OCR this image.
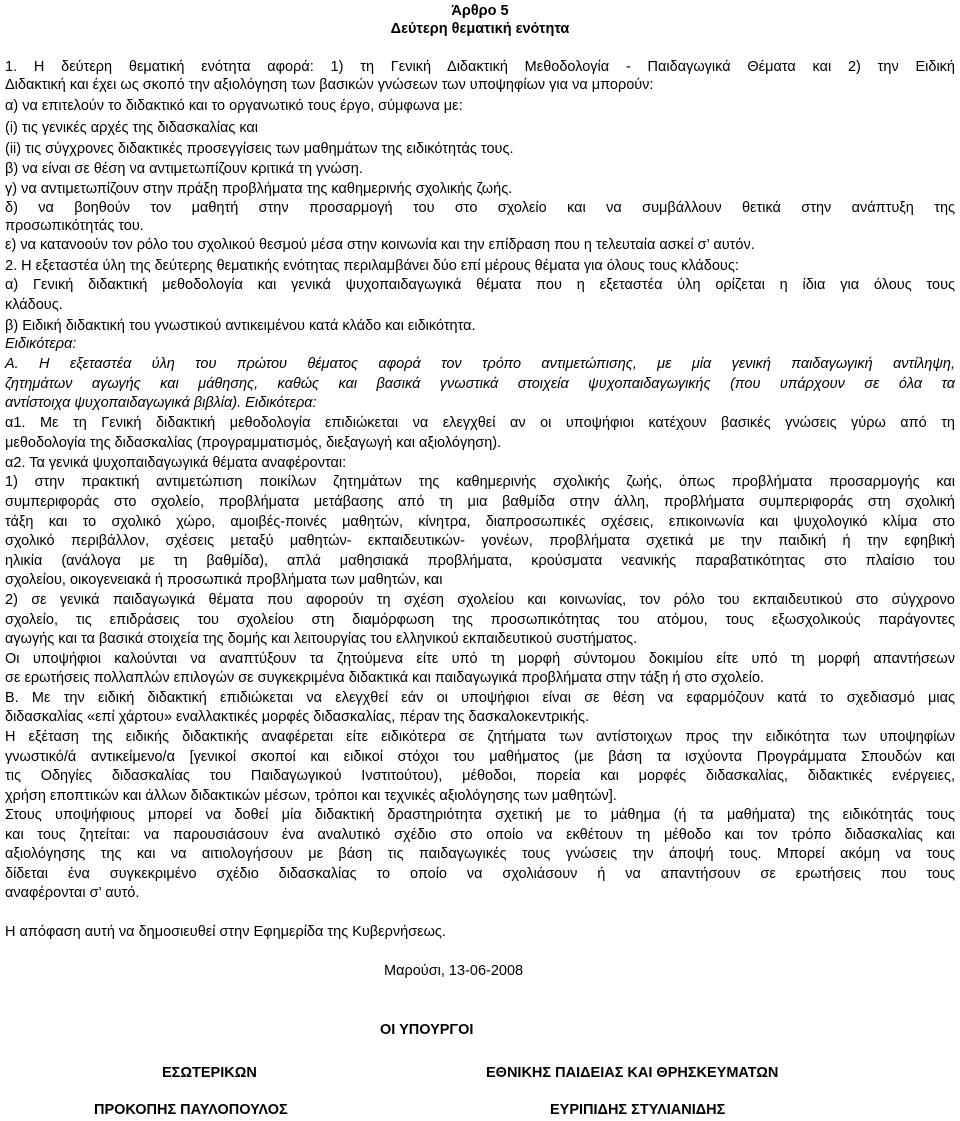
Άρθρο 5
Δεύτερη θεματική ενότητα
1. Η δεύτερη θεματική ενότητα αφορά: 1) τη Γενική Διδακτική Μεθοδολογία - Παιδαγωγικά Θέματα και 2) την Ειδική
Διδακτική και έχει ως σκοπό την αξιολόγηση των βασικών γνώσεων των υποψηφίων για να μπορούν:
α) να επιτελούν το διδακτικό και το οργανωτικό τους έργο, σύμφωνα με:
(i) τις γενικές αρχές της διδασκαλίας και
(ii) τις σύγχρονες διδακτικές προσεγγίσεις των μαθημάτων της ειδικότητάς τους.
β) να είναι σε θέση να αντιμετωπίζουν κριτικά τη γνώση.
γ) να αντιμετωπίζουν στην πράξη προβλήματα της καθημερινής σχολικής ζωής.
δ) να βοηθούν τον μαθητή στην προσαρμογή του στο σχολείο και να συμβάλλουν θετικά στην ανάπτυξη της
προσωπικότητάς του.
ε) να κατανοούν τον ρόλο του σχολικού θεσμού μέσα στην κοινωνία και την επίδραση που η τελευταία ασκεί σ’ αυτόν.
2. Η εξεταστέα ύλη της δεύτερης θεματικής ενότητας περιλαμβάνει δύο επί μέρους θέματα για όλους τους κλάδους:
α) Γενική διδακτική μεθοδολογία και γενικά ψυχοπαιδαγωγικά θέματα που η εξεταστέα ύλη ορίζεται η ίδια για όλους τους
κλάδους.
β) Ειδική διδακτική του γνωστικού αντικειμένου κατά κλάδο και ειδικότητα.
Ειδικότερα:
Α. Η εξεταστέα ύλη του πρώτου θέματος αφορά τον τρόπο αντιμετώπισης, με μία γενική παιδαγωγική αντίληψη,
ζητημάτων αγωγής και μάθησης, καθώς και βασικά γνωστικά στοιχεία ψυχοπαιδαγωγικής (που υπάρχουν σε όλα τα
αντίστοιχα ψυχοπαιδαγωγικά βιβλία). Ειδικότερα:
α1. Με τη Γενική διδακτική μεθοδολογία επιδιώκεται να ελεγχθεί αν οι υποψήφιοι κατέχουν βασικές γνώσεις γύρω από τη
μεθοδολογία της διδασκαλίας (προγραμματισμός, διεξαγωγή και αξιολόγηση).
α2. Τα γενικά ψυχοπαιδαγωγικά θέματα αναφέρονται:
1) στην πρακτική αντιμετώπιση ποικίλων ζητημάτων της καθημερινής σχολικής ζωής, όπως προβλήματα προσαρμογής και
συμπεριφοράς στο σχολείο, προβλήματα μετάβασης από τη μια βαθμίδα στην άλλη, προβλήματα συμπεριφοράς στη σχολική
τάξη και το σχολικό χώρο, αμοιβές-ποινές μαθητών, κίνητρα, διαπροσωπικές σχέσεις, επικοινωνία και ψυχολογικό κλίμα στο
σχολικό περιβάλλον, σχέσεις μεταξύ μαθητών- εκπαιδευτικών- γονέων, προβλήματα σχετικά με την παιδική ή την εφηβική
ηλικία (ανάλογα με τη βαθμίδα), απλά μαθησιακά προβλήματα, κρούσματα νεανικής παραβατικότητας στο πλαίσιο του
σχολείου, οικογενειακά ή προσωπικά προβλήματα των μαθητών, και
2) σε γενικά παιδαγωγικά θέματα που αφορούν τη σχέση σχολείου και κοινωνίας, τον ρόλο του εκπαιδευτικού στο σύγχρονο
σχολείο, τις επιδράσεις του σχολείου στη διαμόρφωση της προσωπικότητας του ατόμου, τους εξωσχολικούς παράγοντες
αγωγής και τα βασικά στοιχεία της δομής και λειτουργίας του ελληνικού εκπαιδευτικού συστήματος.
Οι υποψήφιοι καλούνται να αναπτύξουν τα ζητούμενα είτε υπό τη μορφή σύντομου δοκιμίου είτε υπό τη μορφή απαντήσεων
σε ερωτήσεις πολλαπλών επιλογών σε συγκεκριμένα διδακτικά και παιδαγωγικά προβλήματα στην τάξη ή στο σχολείο.
Β. Με την ειδική διδακτική επιδιώκεται να ελεγχθεί εάν οι υποψήφιοι είναι σε θέση να εφαρμόζουν κατά το σχεδιασμό μιας
διδασκαλίας «επί χάρτου» εναλλακτικές μορφές διδασκαλίας, πέραν της δασκαλοκεντρικής.
Η εξέταση της ειδικής διδακτικής αναφέρεται είτε ειδικότερα σε ζητήματα των αντίστοιχων προς την ειδικότητα των υποψηφίων
γνωστικό/ά αντικείμενο/α [γενικοί σκοποί και ειδικοί στόχοι του μαθήματος (με βάση τα ισχύοντα Προγράμματα Σπουδών και
τις Οδηγίες διδασκαλίας του Παιδαγωγικού Ινστιτούτου), μέθοδοι, πορεία και μορφές διδασκαλίας, διδακτικές ενέργειες,
χρήση εποπτικών και άλλων διδακτικών μέσων, τρόποι και τεχνικές αξιολόγησης των μαθητών].
Στους υποψήφιους μπορεί να δοθεί μία διδακτική δραστηριότητα σχετική με το μάθημα (ή τα μαθήματα) της ειδικότητάς τους
και τους ζητείται: να παρουσιάσουν ένα αναλυτικό σχέδιο στο οποίο να εκθέτουν τη μέθοδο και τον τρόπο διδασκαλίας και
αξιολόγησης της και να αιτιολογήσουν με βάση τις παιδαγωγικές τους γνώσεις την άποψή τους. Μπορεί ακόμη να τους
δίδεται ένα συγκεκριμένο σχέδιο διδασκαλίας το οποίο να σχολιάσουν ή να απαντήσουν σε ερωτήσεις που τους
αναφέρονται σ’ αυτό.
Η απόφαση αυτή να δημοσιευθεί στην Εφημερίδα της Κυβερνήσεως.
Μαρούσι, 13-06-2008
ΟΙ ΥΠΟΥΡΓΟΙ
ΕΣΩΤΕΡΙΚΩΝ	ΕΘΝΙΚΗΣ ΠΑΙΔΕΙΑΣ ΚΑΙ ΘΡΗΣΚΕΥΜΑΤΩΝ
ΠΡΟΚΟΠΗΣ ΠΑΥΛΟΠΟΥΛΟΣ	ΕΥΡΙΠΙΔΗΣ ΣΤΥΛΙΑΝΙΔΗΣ
